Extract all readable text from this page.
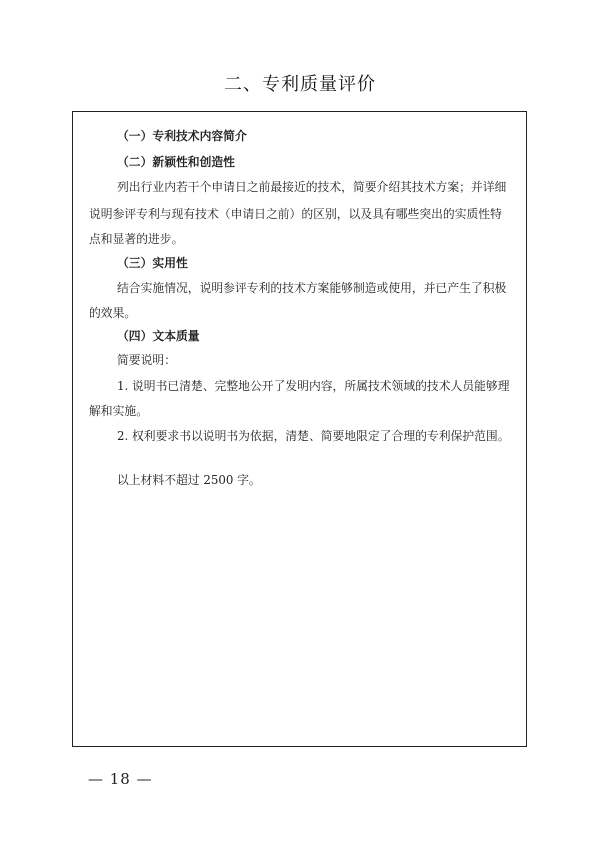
二、专利质量评价
（一）专利技术内容简介
（二）新颖性和创造性
列出行业内若干个申请日之前最接近的技术，简要介绍其技术方案；并详细
说明参评专利与现有技术（申请日之前）的区别，以及具有哪些突出的实质性特
点和显著的进步。
（三）实用性
结合实施情况，说明参评专利的技术方案能够制造或使用，并已产生了积极
的效果。
（四）文本质量
简要说明：
1. 说明书已清楚、完整地公开了发明内容，所属技术领域的技术人员能够理
解和实施。
2. 权利要求书以说明书为依据，清楚、简要地限定了合理的专利保护范围。
以上材料不超过 2500 字。
— 18 —
